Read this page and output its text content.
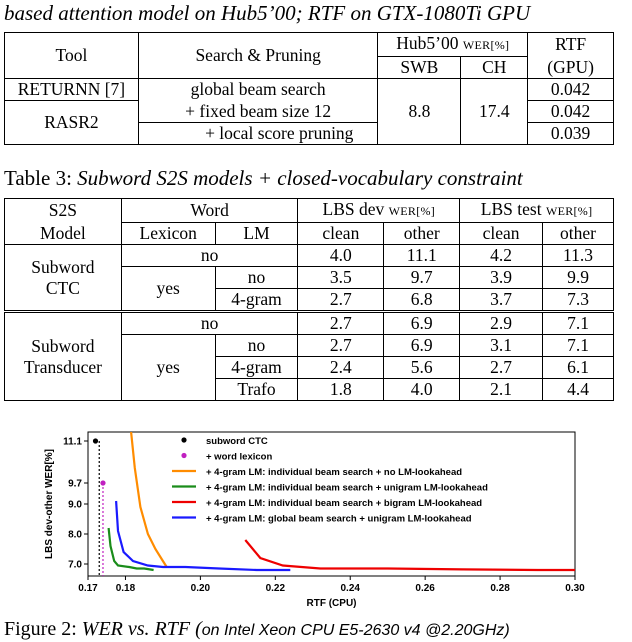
based attention model on Hub5’00; RTF on GTX-1080Ti GPU
Tool	Search & Pruning	Hub5’00 WER[%]		RTF
		SWB	CH	(GPU)
RETURNN [7]	global beam search	8.8	17.4	0.042
RASR2	+ fixed beam size 12			0.042
	+ local score pruning			0.039
Table 3: Subword S2S models + closed-vocabulary constraint
S2S	Word		LBS dev WER[%]		LBS test WER[%]	
Model	Lexicon	LM	clean	other	clean	other

Subword
CTC	no		4.0	11.1	4.2	11.3
	yes	no	3.5	9.7	3.9	9.9
		4-gram	2.7	6.8	3.7	7.3

Subword
Transducer	no		2.7	6.9	2.9	7.1
	yes	no	2.7	6.9	3.1	7.1
		4-gram	2.4	5.6	2.7	6.1
		Trafo	1.8	4.0	2.1	4.4
0.17 0.18	0.20	0.22	0.24	0.26	0.28	0.30
7.0
8.0
9.0
9.7
11.1
RTF (CPU)
LBS dev-other WER[%]
subword CTC
+ word lexicon
+ 4-gram LM: individual beam search + no LM-lookahead
+ 4-gram LM: individual beam search + unigram LM-lookahead
+ 4-gram LM: individual beam search + bigram LM-lookahead
+ 4-gram LM: global beam search + unigram LM-lookahead
Figure 2: WER vs. RTF (on Intel Xeon CPU E5-2630 v4 @2.20GHz)
